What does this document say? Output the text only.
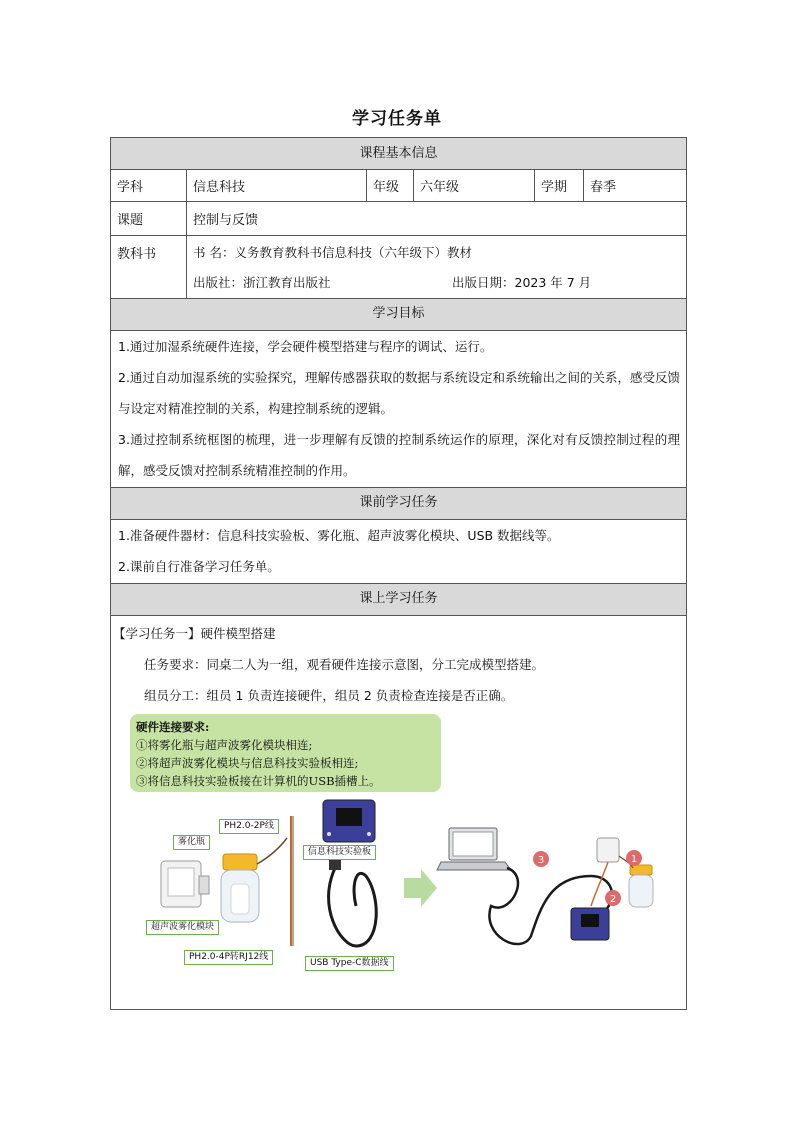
学习任务单
课程基本信息
学科	信息科技	年级	六年级	学期	春季
课题	控制与反馈
教科书	书 名：义务教育教科书信息科技（六年级下）教材
出版社：浙江教育出版社	出版日期：2023 年 7 月
学习目标
1.通过加湿系统硬件连接，学会硬件模型搭建与程序的调试、运行。
2.通过自动加湿系统的实验探究，理解传感器获取的数据与系统设定和系统输出之间的关系，感受反馈与设定对精准控制的关系，构建控制系统的逻辑。
3.通过控制系统框图的梳理，进一步理解有反馈的控制系统运作的原理，深化对有反馈控制过程的理解，感受反馈对控制系统精准控制的作用。
课前学习任务
1.准备硬件器材：信息科技实验板、雾化瓶、超声波雾化模块、USB 数据线等。
2.课前自行准备学习任务单。
课上学习任务
【学习任务一】硬件模型搭建
任务要求：同桌二人为一组，观看硬件连接示意图，分工完成模型搭建。
组员分工：组员 1 负责连接硬件，组员 2 负责检查连接是否正确。
硬件连接要求:
①将雾化瓶与超声波雾化模块相连;
②将超声波雾化模块与信息科技实验板相连;
③将信息科技实验板接在计算机的USB插槽上。
3	1
2
PH2.0-2P线
雾化瓶
信息科技实验板
超声波雾化模块
PH2.0-4P转RJ12线
USB Type-C数据线
